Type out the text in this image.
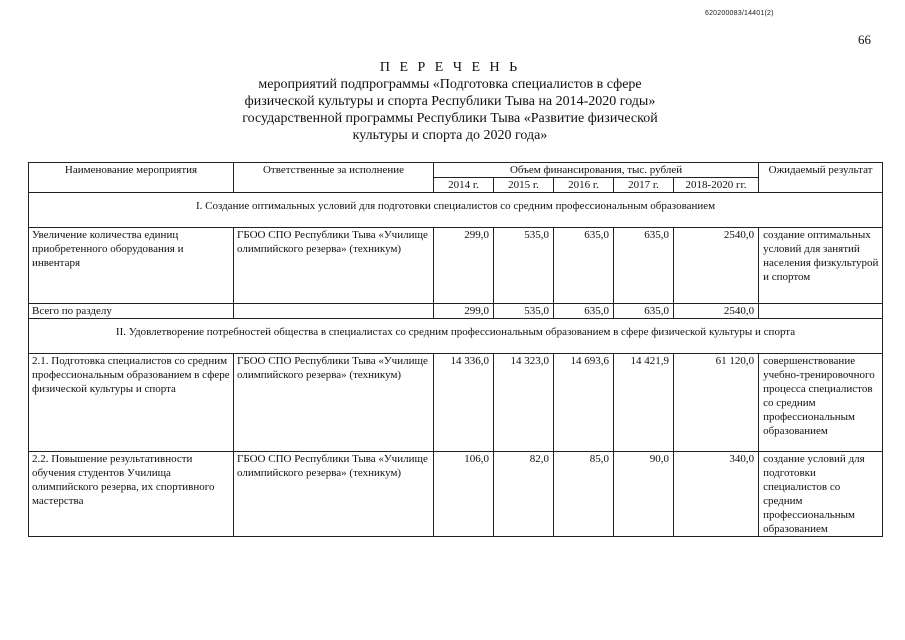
620200083/14401(2)
66
П Е Р Е Ч Е Н Ь
мероприятий подпрограммы «Подготовка специалистов в сфере
физической культуры и спорта Республики Тыва на 2014-2020 годы»
государственной программы Республики Тыва «Развитие физической
культуры и спорта до 2020 года»
Наименование мероприятия	Ответственные за исполнение	Объем финансирования, тыс. рублей					Ожидаемый результат
		2014 г.	2015 г.	2016 г.	2017 г.	2018-2020 гг.	
I. Создание оптимальных условий для подготовки специалистов со средним профессиональным образованием							
Увеличение количества единиц приобретенного оборудования и инвентаря	ГБОО СПО Республики Тыва «Училище олимпийского резерва» (техникум)	299,0	535,0	635,0	635,0	2540,0	создание оптимальных условий для занятий населения физкультурой и спортом
Всего по разделу		299,0	535,0	635,0	635,0	2540,0	
II. Удовлетворение потребностей общества в специалистах со средним профессиональным образованием в сфере физической культуры и спорта							
2.1. Подготовка специалистов со средним профессиональным образованием в сфере физической культуры и спорта	ГБОО СПО Республики Тыва «Училище олимпийского резерва» (техникум)	14 336,0	14 323,0	14 693,6	14 421,9	61 120,0	совершенствование учебно-тренировочного процесса специалистов со средним профессиональным образованием
2.2. Повышение результативности обучения студентов Училища олимпийского резерва, их спортивного мастерства	ГБОО СПО Республики Тыва «Училище олимпийского резерва» (техникум)	106,0	82,0	85,0	90,0	340,0	создание условий для подготовки специалистов со средним профессиональным образованием
